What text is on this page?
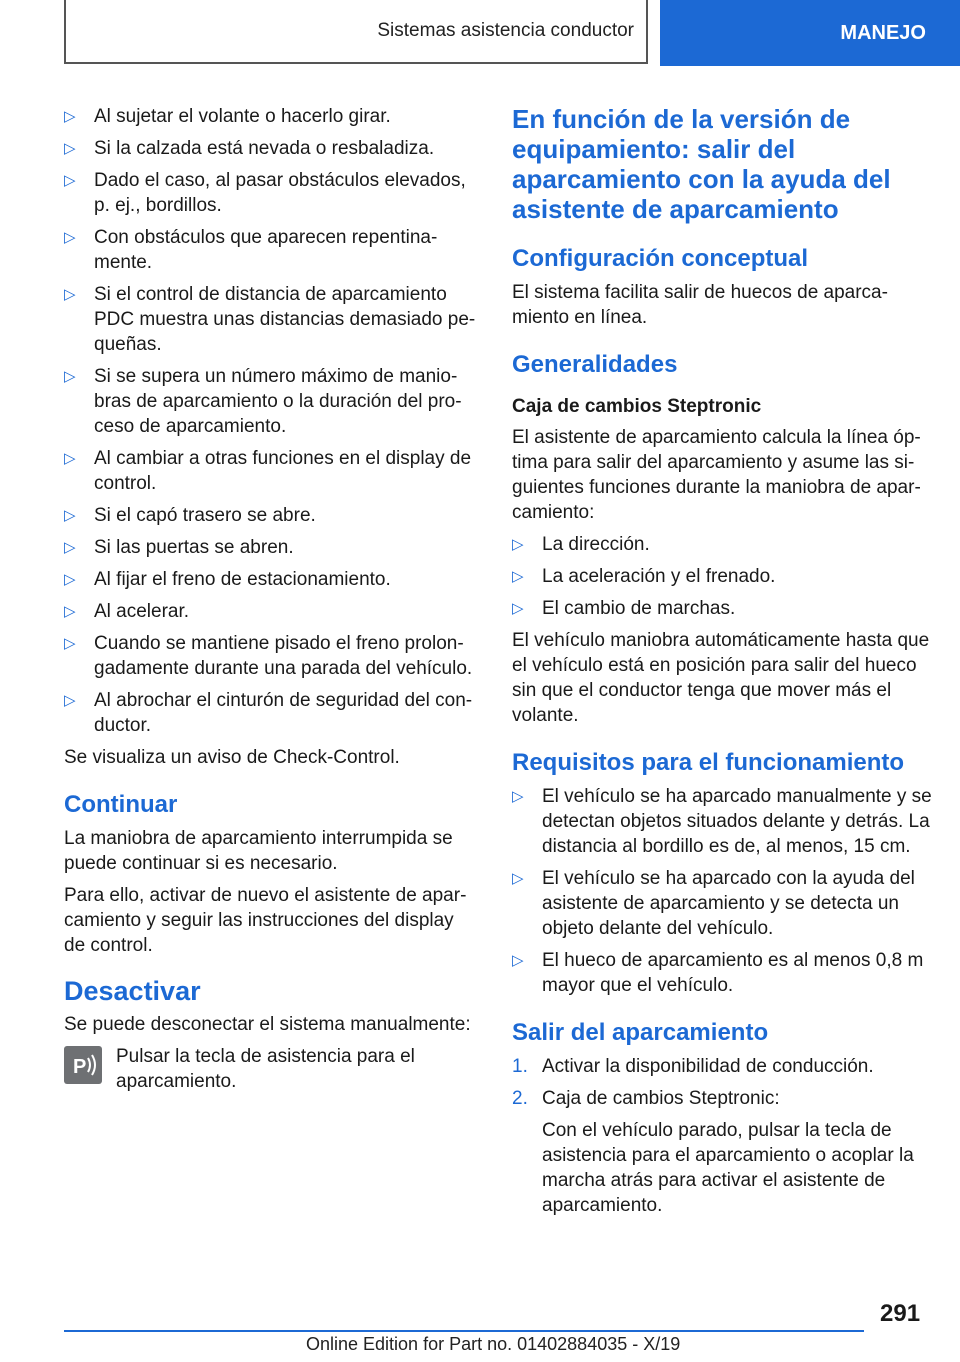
Sistemas asistencia conductor	MANEJO
▷ Al sujetar el volante o hacerlo girar.
▷ Si la calzada está nevada o resbaladiza.
▷ Dado el caso, al pasar obstáculos elevados, p. ej., bordillos.
▷ Con obstáculos que aparecen repentinamente.
▷ Si el control de distancia de aparcamiento PDC muestra unas distancias demasiado pequeñas.
▷ Si se supera un número máximo de maniobras de aparcamiento o la duración del proceso de aparcamiento.
▷ Al cambiar a otras funciones en el display de control.
▷ Si el capó trasero se abre.
▷ Si las puertas se abren.
▷ Al fijar el freno de estacionamiento.
▷ Al acelerar.
▷ Cuando se mantiene pisado el freno prolongadamente durante una parada del vehículo.
▷ Al abrochar el cinturón de seguridad del conductor.

Se visualiza un aviso de Check-Control.

Continuar

La maniobra de aparcamiento interrumpida se puede continuar si es necesario.

Para ello, activar de nuevo el asistente de aparcamiento y seguir las instrucciones del display de control.

Desactivar

Se puede desconectar el sistema manualmente:

P Pulsar la tecla de asistencia para el aparcamiento.
En función de la versión de equipamiento: salir del aparcamiento con la ayuda del asistente de aparcamiento
Configuración conceptual

El sistema facilita salir de huecos de aparcamiento en línea.

Generalidades
Caja de cambios Steptronic

El asistente de aparcamiento calcula la línea óptima para salir del aparcamiento y asume las siguientes funciones durante la maniobra de aparcamiento:

▷ La dirección.
▷ La aceleración y el frenado.
▷ El cambio de marchas.

El vehículo maniobra automáticamente hasta que el vehículo está en posición para salir del hueco sin que el conductor tenga que mover más el volante.

Requisitos para el funcionamiento
▷ El vehículo se ha aparcado manualmente y se detectan objetos situados delante y detrás. La distancia al bordillo es de, al menos, 15 cm.
▷ El vehículo se ha aparcado con la ayuda del asistente de aparcamiento y se detecta un objeto delante del vehículo.
▷ El hueco de aparcamiento es al menos 0,8 m mayor que el vehículo.
Salir del aparcamiento
1. Activar la disponibilidad de conducción.
2. Caja de cambios Steptronic:

Con el vehículo parado, pulsar la tecla de asistencia para el aparcamiento o acoplar la marcha atrás para activar el asistente de aparcamiento.

291
Online Edition for Part no. 01402884035 - X/19
